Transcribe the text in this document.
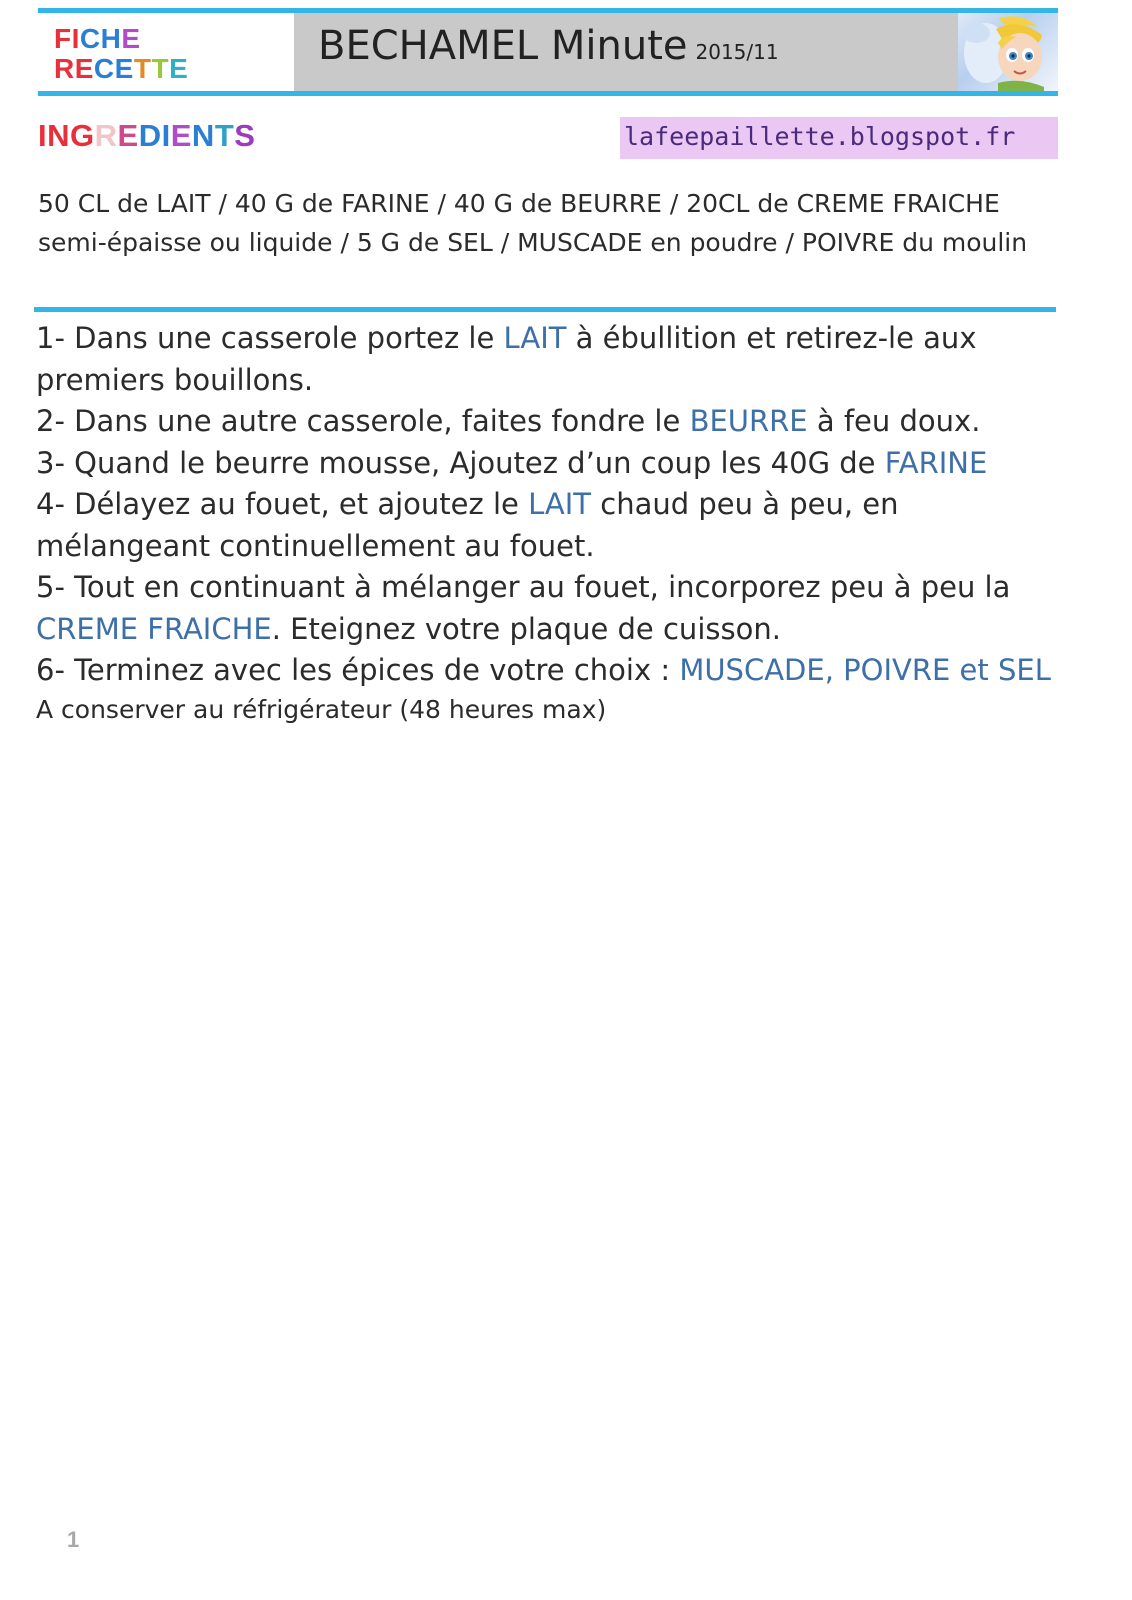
FICHE
RECETTE	BECHAMEL Minute 2015/11
INGREDIENTS	lafeepaillette.blogspot.fr
50 CL de LAIT / 40 G de FARINE / 40 G de BEURRE / 20CL de CREME FRAICHE semi-épaisse ou liquide / 5 G de SEL / MUSCADE en poudre / POIVRE du moulin

1- Dans une casserole portez le LAIT à ébullition et retirez-le aux premiers bouillons.

2- Dans une autre casserole, faites fondre le BEURRE à feu doux.

3- Quand le beurre mousse, Ajoutez d’un coup les 40G de FARINE

4- Délayez au fouet, et ajoutez le LAIT chaud peu à peu, en mélangeant continuellement au fouet.

5- Tout en continuant à mélanger au fouet, incorporez peu à peu la CREME FRAICHE. Eteignez votre plaque de cuisson.

6- Terminez avec les épices de votre choix : MUSCADE, POIVRE et SEL

A conserver au réfrigérateur (48 heures max)
1
